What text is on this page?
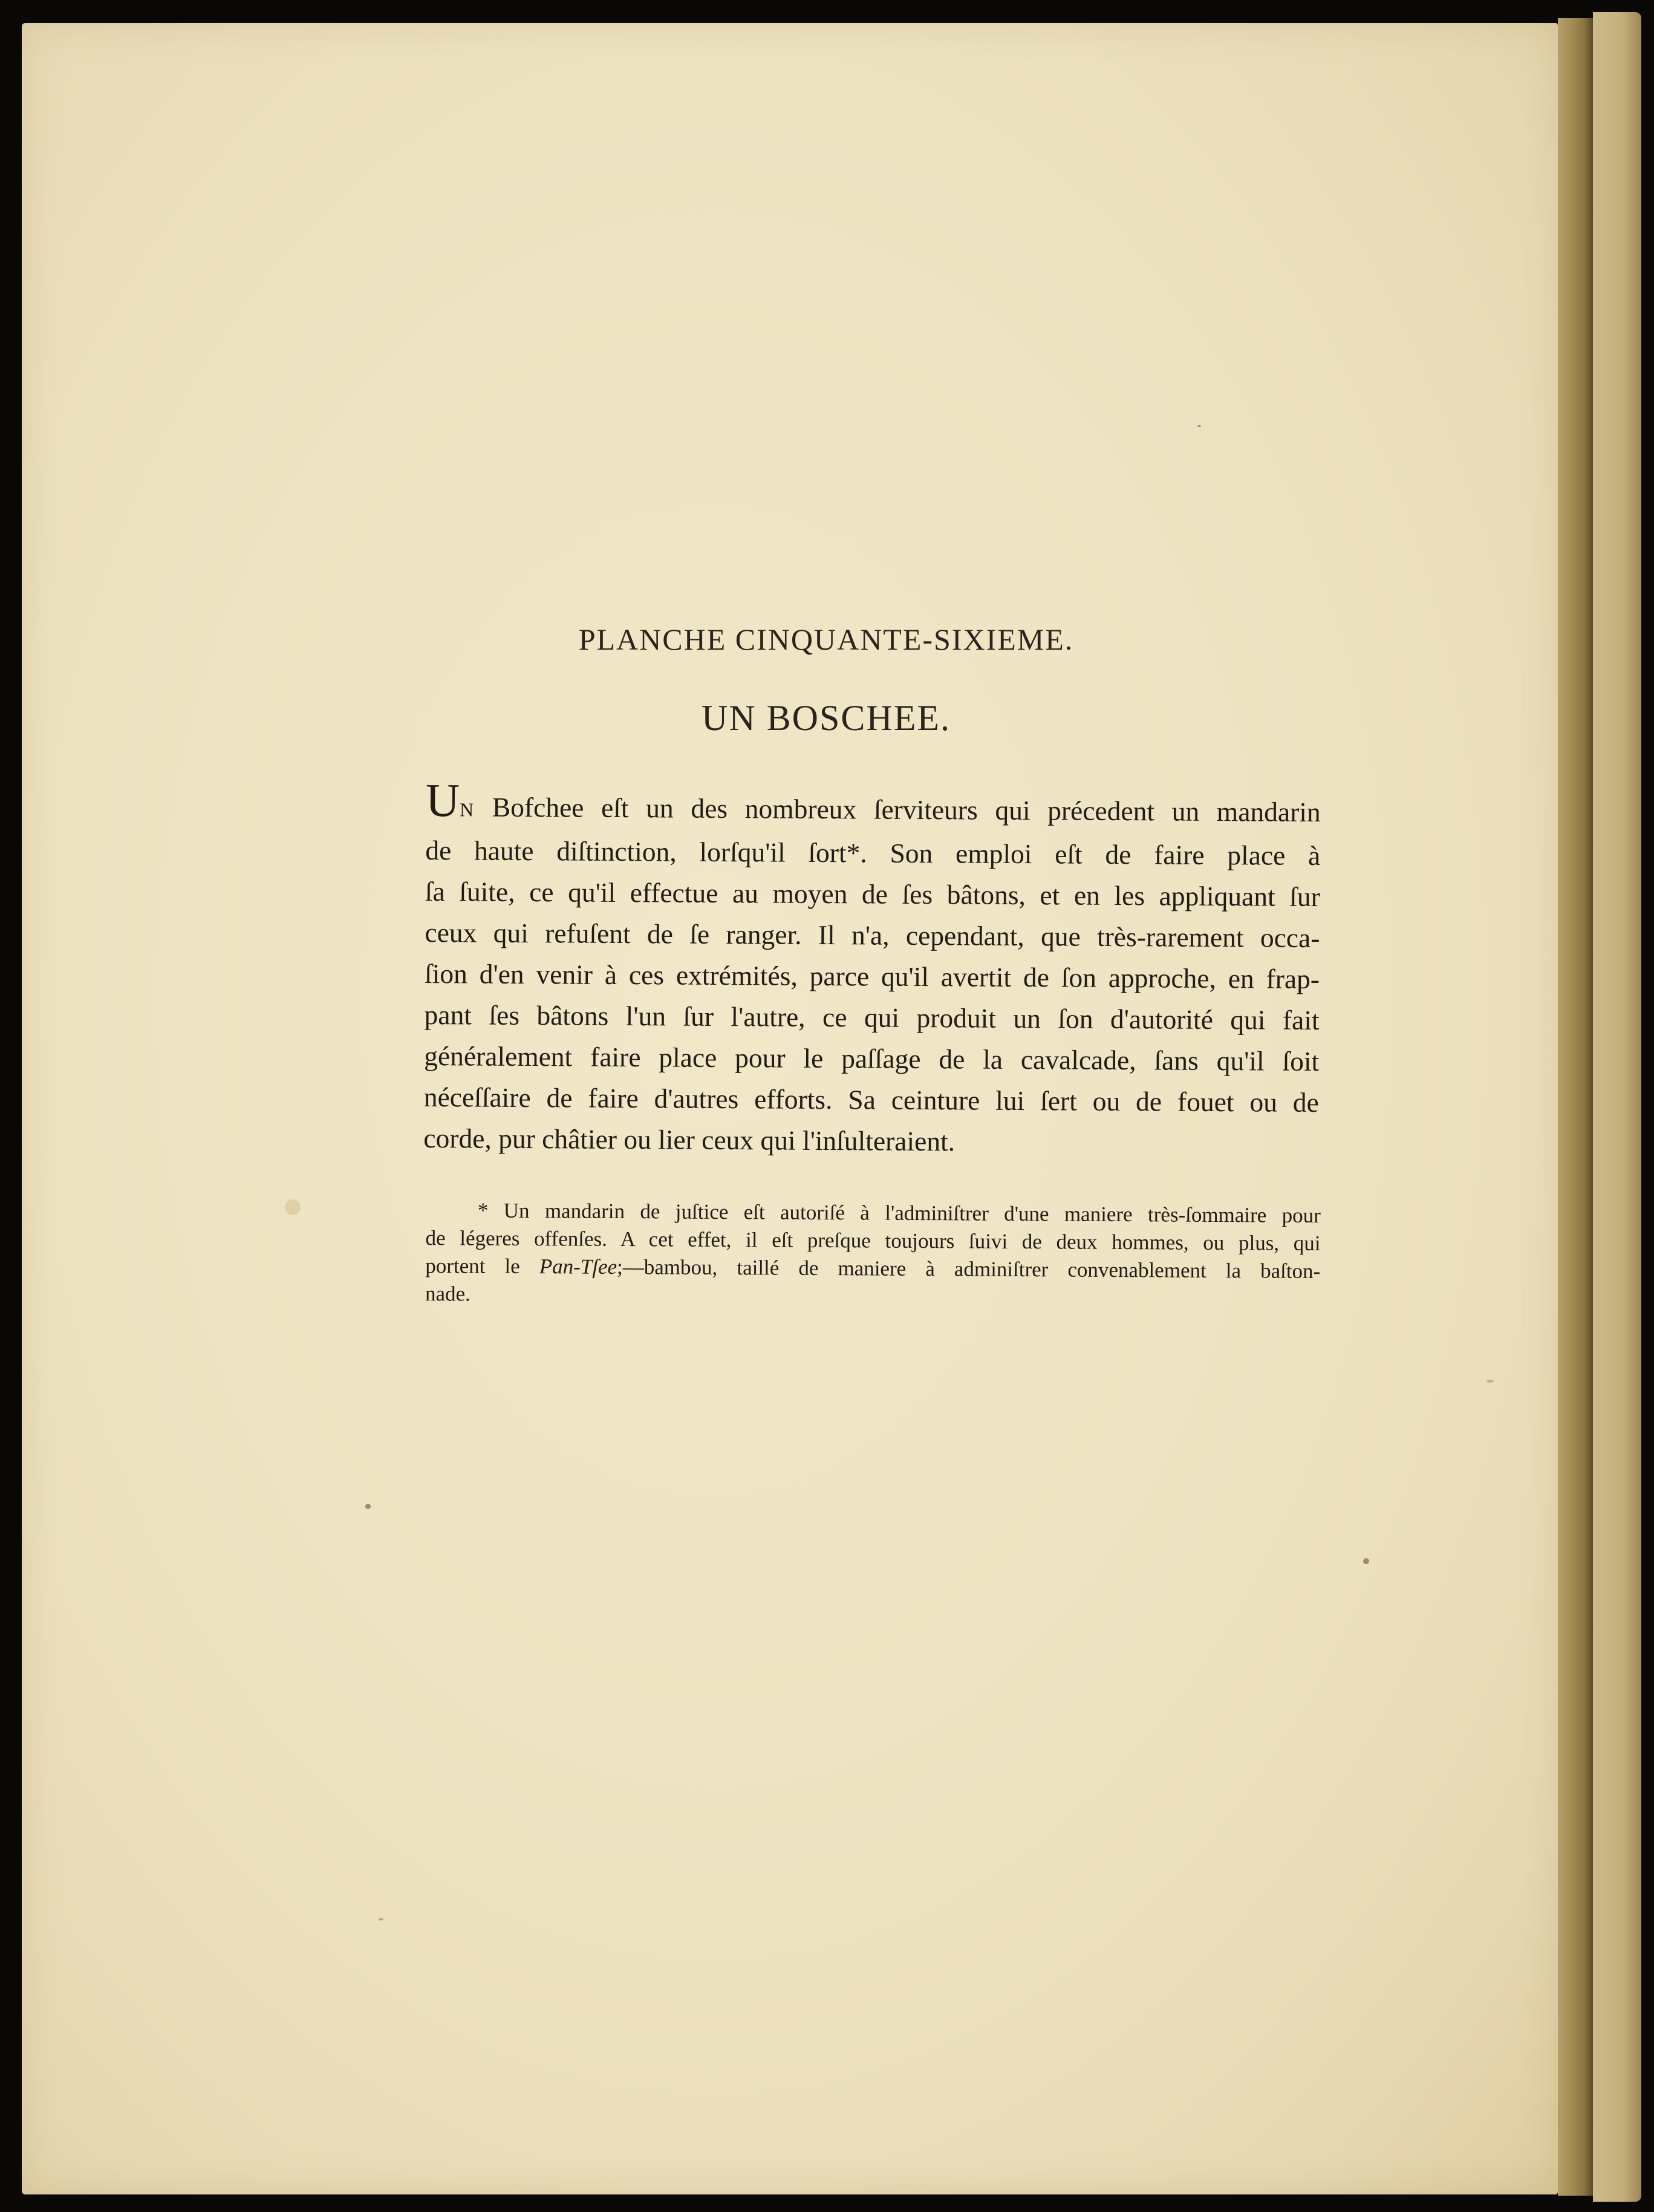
PLANCHE CINQUANTE-SIXIEME.
UN BOSCHEE.
UN Bofchee eſt un des nombreux ſerviteurs qui précedent un mandarin
de haute diſtinction, lorſqu'il ſort*. Son emploi eſt de faire place à
ſa ſuite, ce qu'il effectue au moyen de ſes bâtons, et en les appliquant ſur
ceux qui refuſent de ſe ranger. Il n'a, cependant, que très-rarement occa-
ſion d'en venir à ces extrémités, parce qu'il avertit de ſon approche, en frap-
pant ſes bâtons l'un ſur l'autre, ce qui produit un ſon d'autorité qui fait
généralement faire place pour le paſſage de la cavalcade, ſans qu'il ſoit
néceſſaire de faire d'autres efforts. Sa ceinture lui ſert ou de fouet ou de
corde, pur châtier ou lier ceux qui l'inſulteraient.
* Un mandarin de juſtice eſt autoriſé à l'adminiſtrer d'une maniere très-ſommaire pour
de légeres offenſes. A cet effet, il eſt preſque toujours ſuivi de deux hommes, ou plus, qui
portent le Pan-Tſee;—bambou, taillé de maniere à adminiſtrer convenablement la baſton-
nade.
